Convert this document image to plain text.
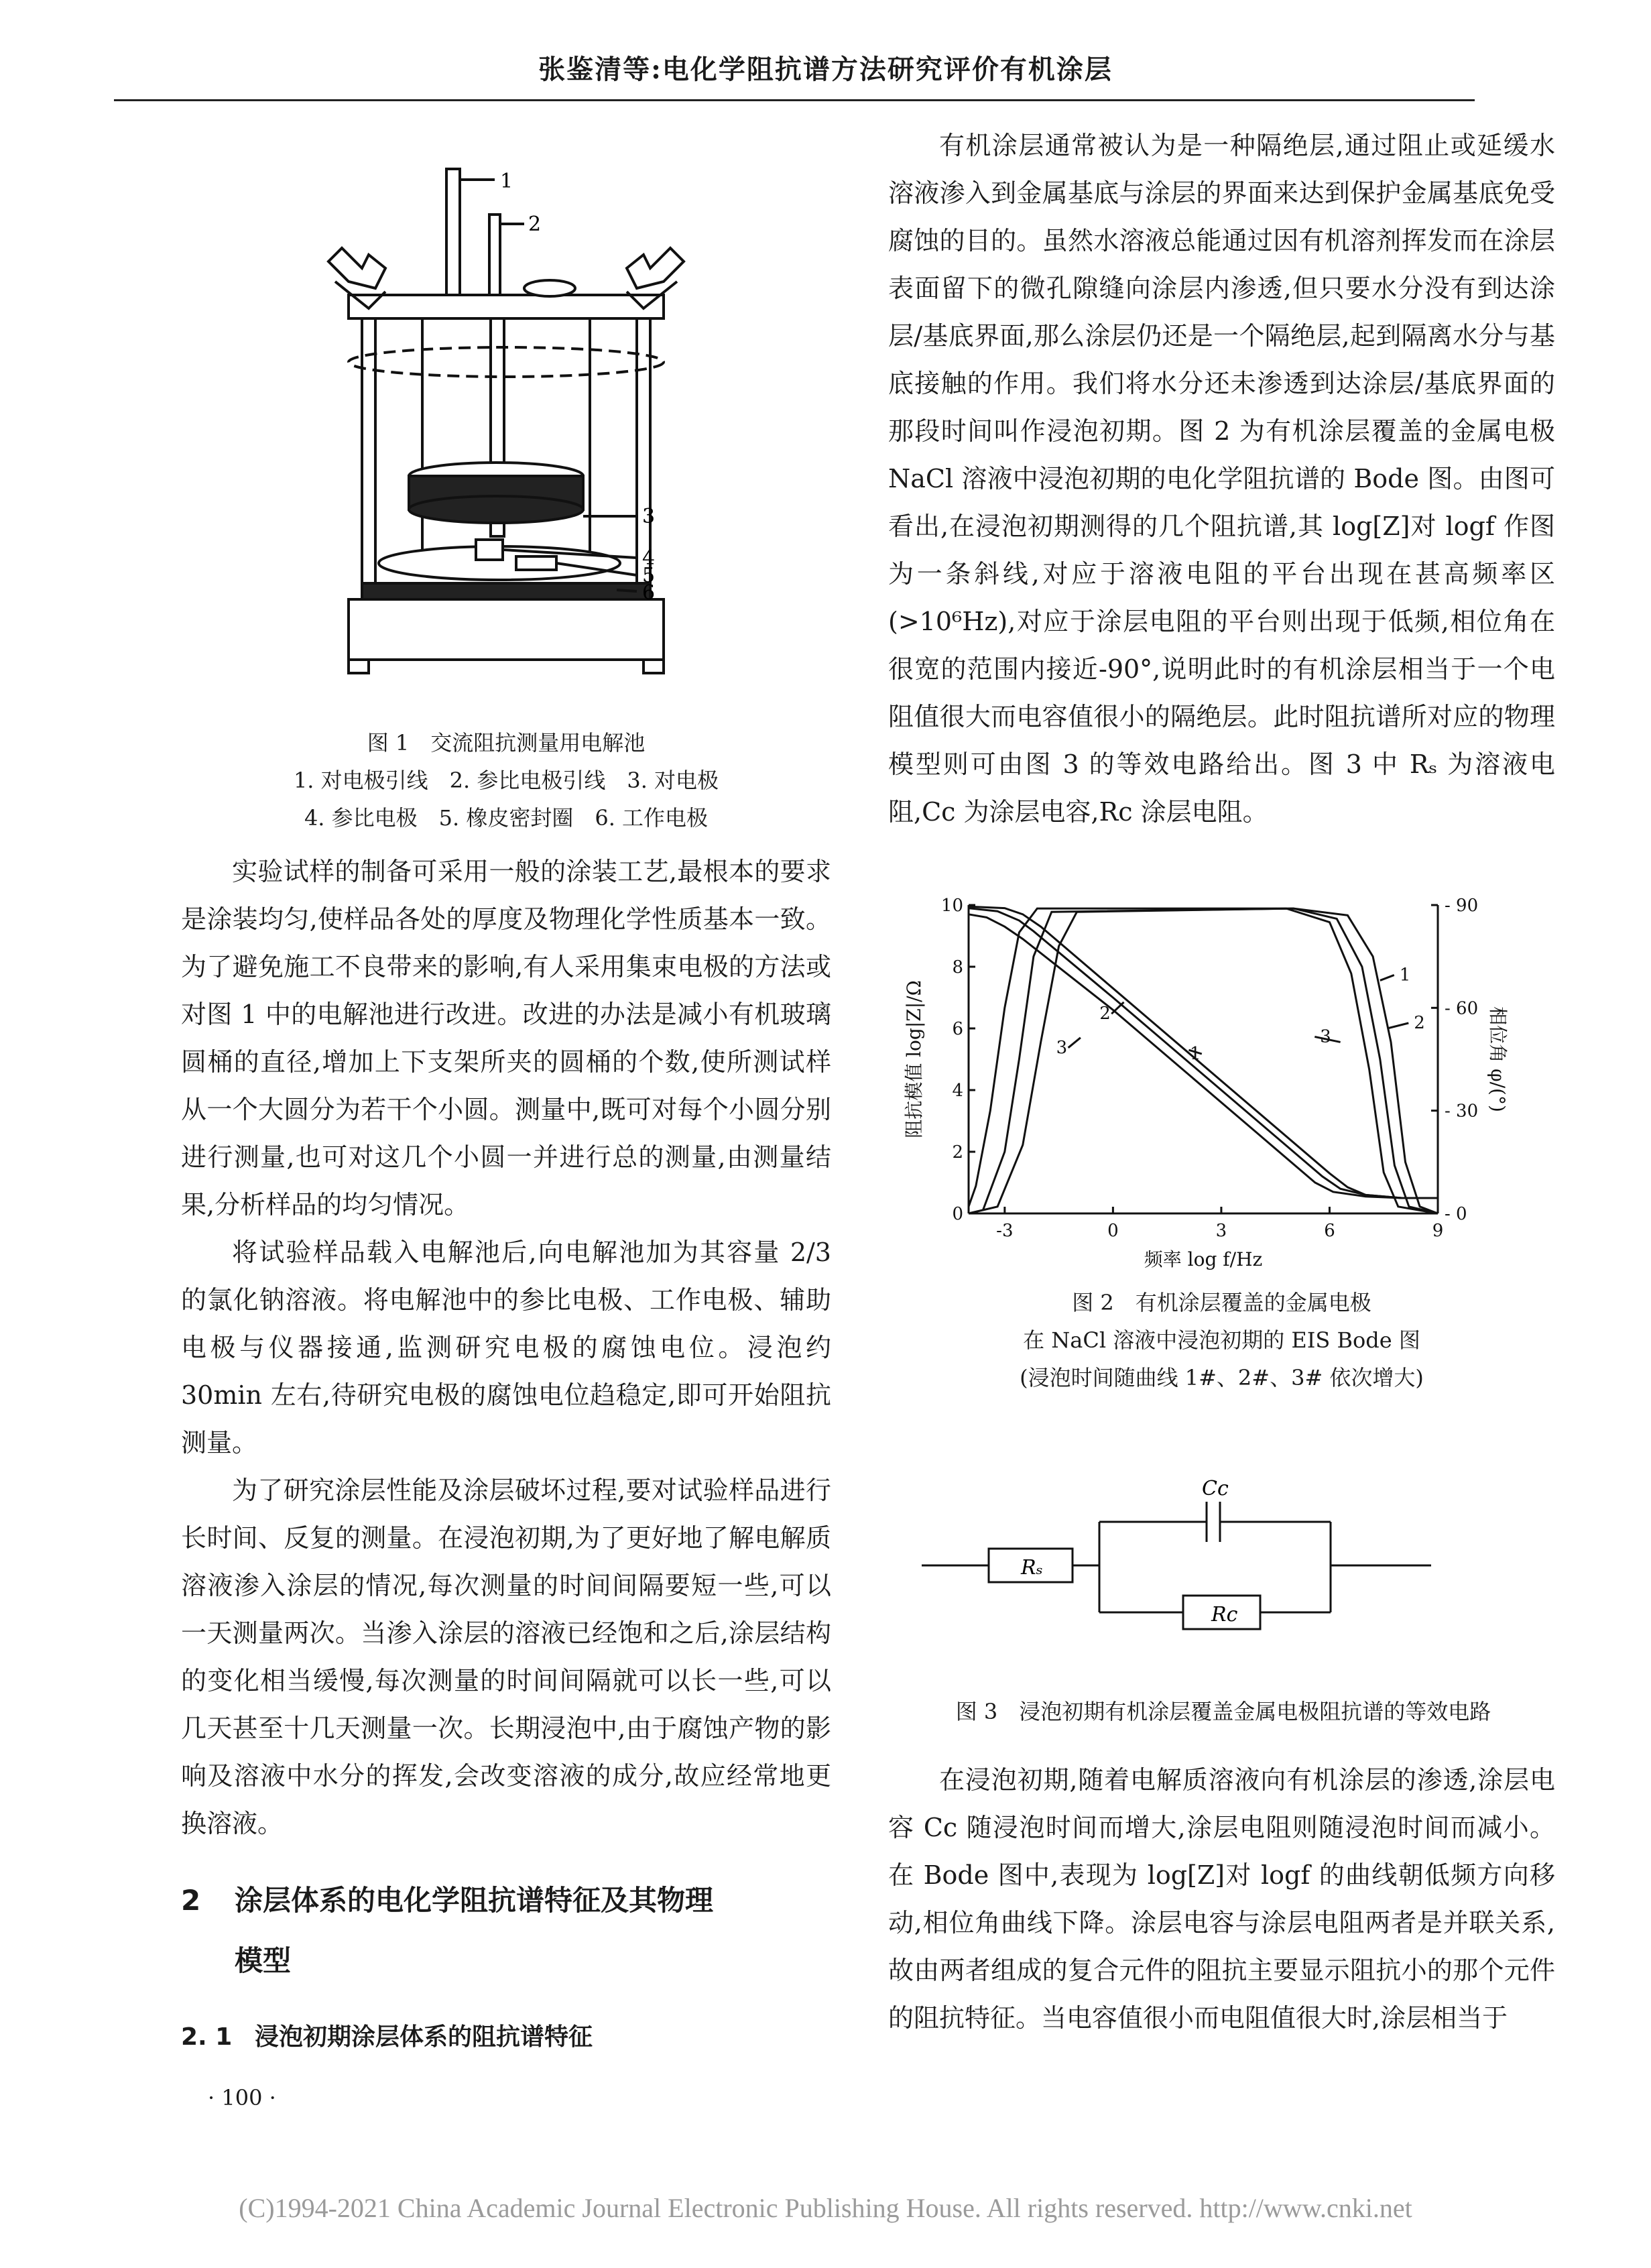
张鉴清等:电化学阻抗谱方法研究评价有机涂层
1
2
3
4
5
6
图 1　交流阻抗测量用电解池
1. 对电极引线　2. 参比电极引线　3. 对电极
4. 参比电极　5. 橡皮密封圈　6. 工作电极

实验试样的制备可采用一般的涂装工艺,最根本的要求是涂装均匀,使样品各处的厚度及物理化学性质基本一致。为了避免施工不良带来的影响,有人采用集束电极的方法或对图 1 中的电解池进行改进。改进的办法是减小有机玻璃圆桶的直径,增加上下支架所夹的圆桶的个数,使所测试样从一个大圆分为若干个小圆。测量中,既可对每个小圆分别进行测量,也可对这几个小圆一并进行总的测量,由测量结果,分析样品的均匀情况。

将试验样品载入电解池后,向电解池加为其容量 2/3 的氯化钠溶液。将电解池中的参比电极、工作电极、辅助电极与仪器接通,监测研究电极的腐蚀电位。浸泡约 30min 左右,待研究电极的腐蚀电位趋稳定,即可开始阻抗测量。

为了研究涂层性能及涂层破坏过程,要对试验样品进行长时间、反复的测量。在浸泡初期,为了更好地了解电解质溶液渗入涂层的情况,每次测量的时间间隔要短一些,可以一天测量两次。当渗入涂层的溶液已经饱和之后,涂层结构的变化相当缓慢,每次测量的时间间隔就可以长一些,可以几天甚至十几天测量一次。长期浸泡中,由于腐蚀产物的影响及溶液中水分的挥发,会改变溶液的成分,故应经常地更换溶液。

2 涂层体系的电化学阻抗谱特征及其物理
模型
2. 1 浸泡初期涂层体系的阻抗谱特征
· 100 ·

有机涂层通常被认为是一种隔绝层,通过阻止或延缓水溶液渗入到金属基底与涂层的界面来达到保护金属基底免受腐蚀的目的。虽然水溶液总能通过因有机溶剂挥发而在涂层表面留下的微孔隙缝向涂层内渗透,但只要水分没有到达涂层/基底界面,那么涂层仍还是一个隔绝层,起到隔离水分与基底接触的作用。我们将水分还未渗透到达涂层/基底界面的那段时间叫作浸泡初期。图 2 为有机涂层覆盖的金属电极 NaCl 溶液中浸泡初期的电化学阻抗谱的 Bode 图。由图可看出,在浸泡初期测得的几个阻抗谱,其 log[Z]对 logf 作图为一条斜线,对应于溶液电阻的平台出现在甚高频率区(>10⁶Hz),对应于涂层电阻的平台则出现于低频,相位角在很宽的范围内接近-90°,说明此时的有机涂层相当于一个电阻值很大而电容值很小的隔绝层。此时阻抗谱所对应的物理模型则可由图 3 的等效电路给出。图 3 中 Rₛ 为溶液电阻,Cc 为涂层电容,Rc 涂层电阻。

-3	0	3	6	9
0
2
4
6
8
10
- 0
- 30
- 60
- 90
1
2
3
1
2
3
频率 log f/Hz
阻抗模值 log|Z|/Ω	相位角 φ/(°)
图 2　有机涂层覆盖的金属电极
在 NaCl 溶液中浸泡初期的 EIS Bode 图
(浸泡时间随曲线 1#、2#、3# 依次增大)
Rₛ
Cc
Rc
图 3　浸泡初期有机涂层覆盖金属电极阻抗谱的等效电路

在浸泡初期,随着电解质溶液向有机涂层的渗透,涂层电容 Cc 随浸泡时间而增大,涂层电阻则随浸泡时间而减小。在 Bode 图中,表现为 log[Z]对 logf 的曲线朝低频方向移动,相位角曲线下降。涂层电容与涂层电阻两者是并联关系,故由两者组成的复合元件的阻抗主要显示阻抗小的那个元件的阻抗特征。当电容值很小而电阻值很大时,涂层相当于

(C)1994-2021 China Academic Journal Electronic Publishing House. All rights reserved. http://www.cnki.net
